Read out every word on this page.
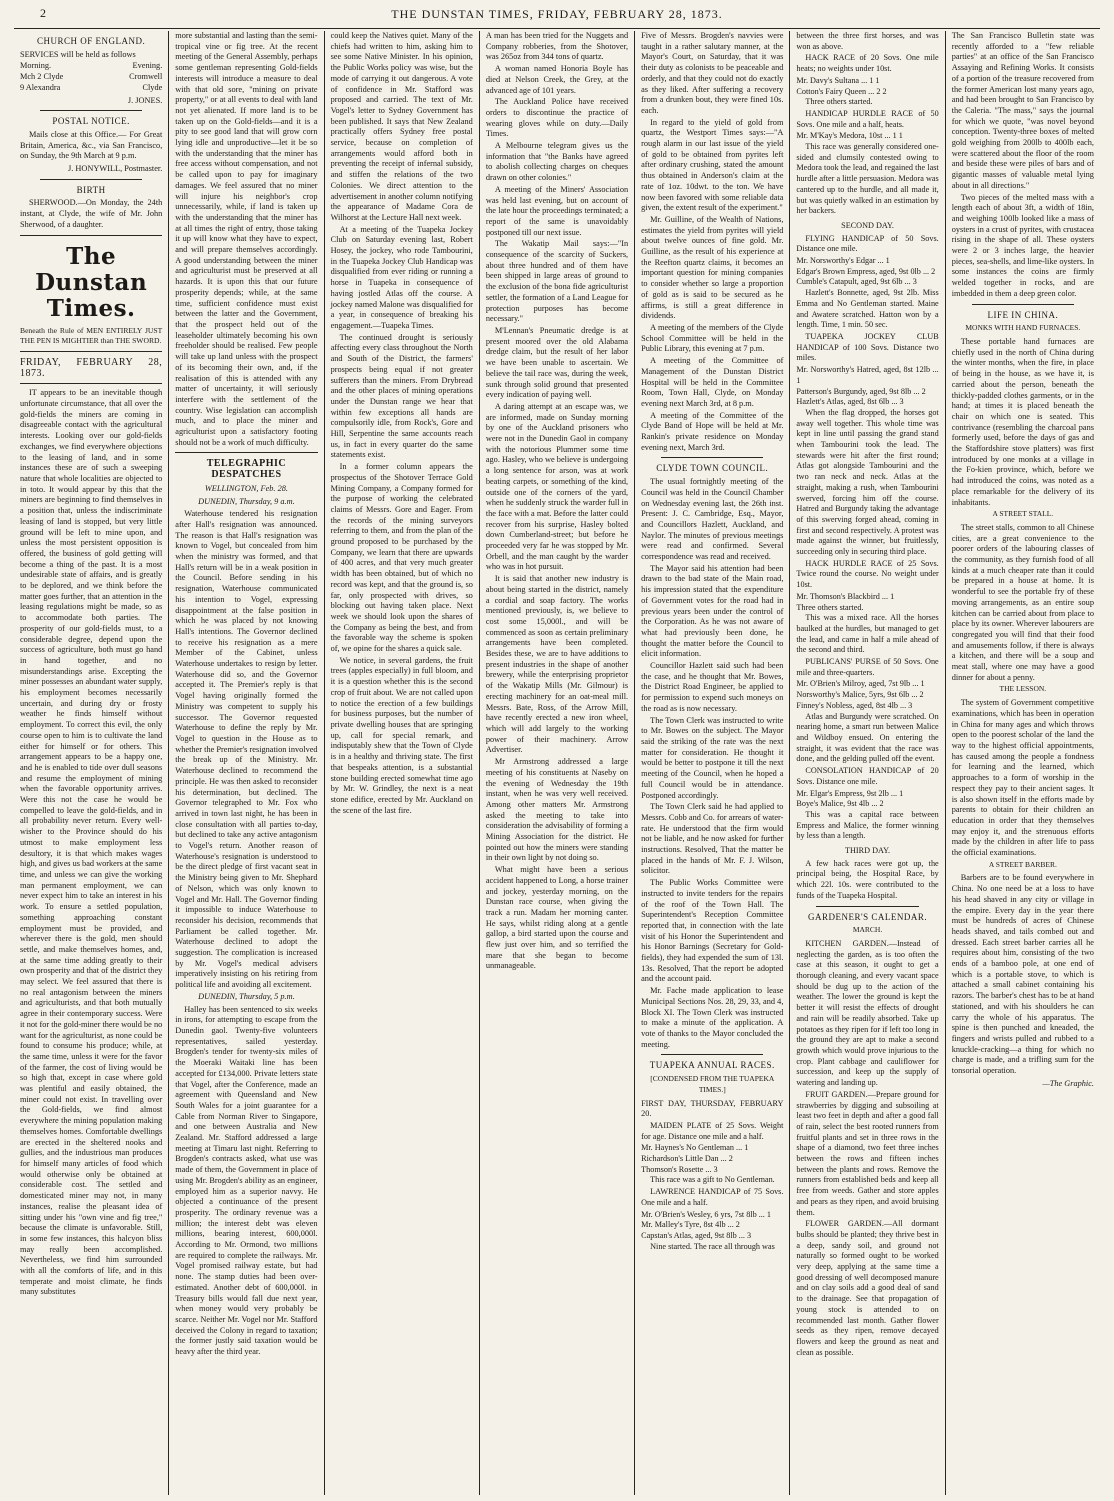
2	THE DUNSTAN TIMES, FRIDAY, FEBRUARY 28, 1873.
CHURCH OF ENGLAND.

SERVICES will be held as follows

Morning.	Evening.
Mch 2 Clyde	Cromwell
9 Alexandra	Clyde
J. JONES.
POSTAL NOTICE.

Mails close at this Office.— For Great Britain, America, &c., via San Francisco, on Sunday, the 9th March at 9 p.m.

J. HONYWILL, Postmaster.
BIRTH

SHERWOOD.—On Monday, the 24th instant, at Clyde, the wife of Mr. John Sherwood, of a daughter.

The Dunstan Times.
Beneath the Rule of MEN ENTIRELY JUST THE PEN IS MIGHTIER than THE SWORD.
FRIDAY, FEBRUARY 28, 1873.

IT appears to be an inevitable though unfortunate circumstance, that all over the gold-fields the miners are coming in disagreeable contact with the agricultural interests. Looking over our gold-fields exchanges, we find everywhere objections to the leasing of land, and in some instances these are of such a sweeping nature that whole localities are objected to in toto. It would appear by this that the miners are beginning to find themselves in a position that, unless the indiscriminate leasing of land is stopped, but very little ground will be left to mine upon, and unless the most persistent opposition is offered, the business of gold getting will become a thing of the past. It is a most undesirable state of affairs, and is greatly to be deplored, and we think before the matter goes further, that an attention in the leasing regulations might be made, so as to accommodate both parties. The prosperity of our gold-fields must, to a considerable degree, depend upon the success of agriculture, both must go hand in hand together, and no misunderstandings arise. Excepting the miner possesses an abundant water supply, his employment becomes necessarily uncertain, and during dry or frosty weather he finds himself without employment. To correct this evil, the only course open to him is to cultivate the land either for himself or for others. This arrangement appears to be a happy one, and he is enabled to tide over dull seasons and resume the employment of mining when the favorable opportunity arrives. Were this not the case he would be compelled to leave the gold-fields, and in all probability never return. Every well-wisher to the Province should do his utmost to make employment less desultory, it is that which makes wages high, and gives us bad workers at the same time, and unless we can give the working man permanent employment, we can never expect him to take an interest in his work. To ensure a settled population, something approaching constant employment must be provided, and wherever there is the gold, men should settle, and make themselves homes, and, at the same time adding greatly to their own prosperity and that of the district they may select. We feel assured that there is no real antagonism between the miners and agriculturists, and that both mutually agree in their contemporary success. Were it not for the gold-miner there would be no want for the agriculturist, as none could be found to consume his produce; while, at the same time, unless it were for the favor of the farmer, the cost of living would be so high that, except in case where gold was plentiful and easily obtained, the miner could not exist. In travelling over the Gold-fields, we find almost everywhere the mining population making themselves homes. Comfortable dwellings are erected in the sheltered nooks and gullies, and the industrious man produces for himself many articles of food which would otherwise only be obtained at considerable cost. The settled and domesticated miner may not, in many instances, realise the pleasant idea of sitting under his "own vine and fig tree," because the climate is unfavorable. Still, in some few instances, this halcyon bliss may really been accomplished. Nevertheless, we find him surrounded with all the comforts of life, and in this temperate and moist climate, he finds many substitutes

more substantial and lasting than the semi-tropical vine or fig tree. At the recent meeting of the General Assembly, perhaps some gentleman representing Gold-fields interests will introduce a measure to deal with that old sore, "mining on private property," or at all events to deal with land not yet alienated. If more land is to be taken up on the Gold-fields—and it is a pity to see good land that will grow corn lying idle and unproductive—let it be so with the understanding that the miner has free access without compensation, and not be called upon to pay for imaginary damages. We feel assured that no miner will injure his neighbor's crop unnecessarily, while, if land is taken up with the understanding that the miner has at all times the right of entry, those taking it up will know what they have to expect, and will prepare themselves accordingly. A good understanding between the miner and agriculturist must be preserved at all hazards. It is upon this that our future prosperity depends; while, at the same time, sufficient confidence must exist between the latter and the Government, that the prospect held out of the leaseholder ultimately becoming his own freeholder should be realised. Few people will take up land unless with the prospect of its becoming their own, and, if the realisation of this is attended with any matter of uncertainty, it will seriously interfere with the settlement of the country. Wise legislation can accomplish much, and to place the miner and agriculturist upon a satisfactory footing should not be a work of much difficulty.

TELEGRAPHIC DESPATCHES
WELLINGTON, Feb. 28.
DUNEDIN, Thursday, 9 a.m.

Waterhouse tendered his resignation after Hall's resignation was announced. The reason is that Hall's resignation was known to Vogel, but concealed from him when the ministry was formed, and that Hall's return will be in a weak position in the Council. Before sending in his resignation, Waterhouse communicated his intention to Vogel, expressing disappointment at the false position in which he was placed by not knowing Hall's intentions. The Governor declined to receive his resignation as a mere Member of the Cabinet, unless Waterhouse undertakes to resign by letter. Waterhouse did so, and the Governor accepted it. The Premier's reply is that Vogel having originally formed the Ministry was competent to supply his successor. The Governor requested Waterhouse to define the reply by Mr. Vogel to question in the House as to whether the Premier's resignation involved the break up of the Ministry. Mr. Waterhouse declined to recommend the principle. He was then asked to reconsider his determination, but declined. The Governor telegraphed to Mr. Fox who arrived in town last night, he has been in close consultation with all parties to-day, but declined to take any active antagonism to Vogel's return. Another reason of Waterhouse's resignation is understood to be the direct pledge of first vacant seat in the Ministry being given to Mr. Shephard of Nelson, which was only known to Vogel and Mr. Hall. The Governor finding it impossible to induce Waterhouse to reconsider his decision, recommends that Parliament be called together. Mr. Waterhouse declined to adopt the suggestion. The complication is increased by Mr. Vogel's medical advisers imperatively insisting on his retiring from political life and avoiding all excitement.

DUNEDIN, Thursday, 5 p.m.

Halley has been sentenced to six weeks in irons, for attempting to escape from the Dunedin gaol. Twenty-five volunteers representatives, sailed yesterday. Brogden's tender for twenty-six miles of the Moeraki Waitaki line has been accepted for £134,000. Private letters state that Vogel, after the Conference, made an agreement with Queensland and New South Wales for a joint guarantee for a Cable from Norman River to Singapore, and one between Australia and New Zealand. Mr. Stafford addressed a large meeting at Timaru last night. Referring to Brogden's contracts asked, what use was made of them, the Government in place of using Mr. Brogden's ability as an engineer, employed him as a superior navvy. He objected a continuance of the present prosperity. The ordinary revenue was a million; the interest debt was eleven millions, bearing interest, 600,000l. According to Mr. Ormond, two millions are required to complete the railways. Mr. Vogel promised railway estate, but had none. The stamp duties had been over-estimated. Another debt of 600,000l. in Treasury bills would fall due next year, when money would very probably be scarce. Neither Mr. Vogel nor Mr. Stafford deceived the Colony in regard to taxation; the former justly said taxation would be heavy after the third year.

could keep the Natives quiet. Many of the chiefs had written to him, asking him to see some Native Minister. In his opinion, the Public Works policy was wise, but the mode of carrying it out dangerous. A vote of confidence in Mr. Stafford was proposed and carried. The text of Mr. Vogel's letter to Sydney Government has been published. It says that New Zealand practically offers Sydney free postal service, because on completion of arrangements would afford both in preventing the receipt of infernal subsidy, and stiffen the relations of the two Colonies. We direct attention to the advertisement in another column notifying the appearance of Madame Cora de Wilhorst at the Lecture Hall next week.

At a meeting of the Tuapeka Jockey Club on Saturday evening last, Robert Hosey, the jockey, who rode Tambourini, in the Tuapeka Jockey Club Handicap was disqualified from ever riding or running a horse in Tuapeka in consequence of having jostled Atlas off the course. A jockey named Malone was disqualified for a year, in consequence of breaking his engagement.—Tuapeka Times.

The continued drought is seriously affecting every class throughout the North and South of the District, the farmers' prospects being equal if not greater sufferers than the miners. From Drybread and the other places of mining operations under the Dunstan range we hear that within few exceptions all hands are compulsorily idle, from Rock's, Gore and Hill, Serpentine the same accounts reach us, in fact in every quarter do the same statements exist.

In a former column appears the prospectus of the Shotover Terrace Gold Mining Company, a Company formed for the purpose of working the celebrated claims of Messrs. Gore and Eager. From the records of the mining surveyors referring to them, and from the plan of the ground proposed to be purchased by the Company, we learn that there are upwards of 400 acres, and that very much greater width has been obtained, but of which no record was kept, and that the ground is, so far, only prospected with drives, so blocking out having taken place. Next week we should look upon the shares of the Company as being the best, and from the favorable way the scheme is spoken of, we opine for the shares a quick sale.

We notice, in several gardens, the fruit trees (apples especially) in full bloom, and it is a question whether this is the second crop of fruit about. We are not called upon to notice the erection of a few buildings for business purposes, but the number of private dwelling houses that are springing up, call for special remark, and indisputably shew that the Town of Clyde is in a healthy and thriving state. The first that bespeaks attention, is a substantial stone building erected somewhat time ago by Mr. W. Grindley, the next is a neat stone edifice, erected by Mr. Auckland on the scene of the last fire.

A man has been tried for the Nuggets and Company robberies, from the Shotover, was 265oz from 344 tons of quartz.

A woman named Honoria Boyle has died at Nelson Creek, the Grey, at the advanced age of 101 years.

The Auckland Police have received orders to discontinue the practice of wearing gloves while on duty.—Daily Times.

A Melbourne telegram gives us the information that "the Banks have agreed to abolish collecting charges on cheques drawn on other colonies."

A meeting of the Miners' Association was held last evening, but on account of the late hour the proceedings terminated; a report of the same is unavoidably postponed till our next issue.

The Wakatip Mail says:—"In consequence of the scarcity of Suckers, about three hundred and of them have been shipped in large areas of ground to the exclusion of the bona fide agriculturist settler, the formation of a Land League for protection purposes has become necessary."

M'Lennan's Pneumatic dredge is at present moored over the old Alabama dredge claim, but the result of her labor we have been unable to ascertain. We believe the tail race was, during the week, sunk through solid ground that presented every indication of paying well.

A daring attempt at an escape was, we are informed, made on Sunday morning by one of the Auckland prisoners who were not in the Dunedin Gaol in company with the notorious Plummer some time ago. Hasley, who we believe is undergoing a long sentence for arson, was at work beating carpets, or something of the kind, outside one of the corners of the yard, when he suddenly struck the warder full in the face with a mat. Before the latter could recover from his surprise, Hasley bolted down Cumberland-street; but before he proceeded very far he was stopped by Mr. Orbell, and the man caught by the warder who was in hot pursuit.

It is said that another new industry is about being started in the district, namely a cordial and soap factory. The works mentioned previously, is, we believe to cost some 15,000l., and will be commenced as soon as certain preliminary arrangements have been completed. Besides these, we are to have additions to present industries in the shape of another brewery, while the enterprising proprietor of the Wakatip Mills (Mr. Gilmour) is erecting machinery for an oat-meal mill. Messrs. Bate, Ross, of the Arrow Mill, have recently erected a new iron wheel, which will add largely to the working power of their machinery. Arrow Advertiser.

Mr Armstrong addressed a large meeting of his constituents at Naseby on the evening of Wednesday the 19th instant, when he was very well received. Among other matters Mr. Armstrong asked the meeting to take into consideration the advisability of forming a Mining Association for the district. He pointed out how the miners were standing in their own light by not doing so.

What might have been a serious accident happened to Long, a horse trainer and jockey, yesterday morning, on the Dunstan race course, when giving the track a run. Madam her morning canter. He says, whilst riding along at a gentle gallop, a bird started upon the course and flew just over him, and so terrified the mare that she began to become unmanageable.

Five of Messrs. Brogden's navvies were taught in a rather salutary manner, at the Mayor's Court, on Saturday, that it was their duty as colonists to be peaceable and orderly, and that they could not do exactly as they liked. After suffering a recovery from a drunken bout, they were fined 10s. each.

In regard to the yield of gold from quartz, the Westport Times says:—"A rough alarm in our last issue of the yield of gold to be obtained from pyrites left after ordinary crushing, stated the amount thus obtained in Anderson's claim at the rate of 1oz. 10dwt. to the ton. We have now been favored with some reliable data given, the extent result of the experiment."

Mr. Guilline, of the Wealth of Nations, estimates the yield from pyrites will yield about twelve ounces of fine gold. Mr. Guilline, as the result of his experience at the Reefton quartz claims, it becomes an important question for mining companies to consider whether so large a proportion of gold as is said to be secured as he affirms, is still a great difference in dividends.

A meeting of the members of the Clyde School Committee will be held in the Public Library, this evening at 7 p.m.

A meeting of the Committee of Management of the Dunstan District Hospital will be held in the Committee Room, Town Hall, Clyde, on Monday evening next March 3rd, at 8 p.m.

A meeting of the Committee of the Clyde Band of Hope will be held at Mr. Rankin's private residence on Monday evening next, March 3rd.

CLYDE TOWN COUNCIL.

The usual fortnightly meeting of the Council was held in the Council Chamber on Wednesday evening last, the 26th inst. Present: J. C. Cambridge, Esq., Mayor, and Councillors Hazlett, Auckland, and Naylor. The minutes of previous meetings were read and confirmed. Several correspondence was read and received.

The Mayor said his attention had been drawn to the bad state of the Main road, his impression stated that the expenditure of Government votes for the road had in previous years been under the control of the Corporation. As he was not aware of what had previously been done, he thought the matter before the Council to elicit information.

Councillor Hazlett said such had been the case, and he thought that Mr. Bowes, the District Road Engineer, be applied to for permission to expend such moneys on the road as is now necessary.

The Town Clerk was instructed to write to Mr. Bowes on the subject. The Mayor said the striking of the rate was the next matter for consideration. He thought it would be better to postpone it till the next meeting of the Council, when he hoped a full Council would be in attendance. Postponed accordingly.

The Town Clerk said he had applied to Messrs. Cobb and Co. for arrears of water-rate. He understood that the firm would not be liable, and he now asked for further instructions. Resolved, That the matter be placed in the hands of Mr. F. J. Wilson, solicitor.

The Public Works Committee were instructed to invite tenders for the repairs of the roof of the Town Hall. The Superintendent's Reception Committee reported that, in connection with the late visit of his Honor the Superintendent and his Honor Barnings (Secretary for Gold-fields), they had expended the sum of 13l. 13s. Resolved, That the report be adopted and the account paid.

Mr. Fache made application to lease Municipal Sections Nos. 28, 29, 33, and 4, Block XI. The Town Clerk was instructed to make a minute of the application. A vote of thanks to the Mayor concluded the meeting.

TUAPEKA ANNUAL RACES.
[CONDENSED FROM THE TUAPEKA TIMES.]

FIRST DAY, THURSDAY, FEBRUARY 20.

MAIDEN PLATE of 25 Sovs. Weight for age. Distance one mile and a half.

Mr. Haynes's No Gentleman ... 1
Richardson's Little Dan ... 2
Thomson's Rosette ... 3

This race was a gift to No Gentleman.

LAWRENCE HANDICAP of 75 Sovs. One mile and a half.

Mr. O'Brien's Wesley, 6 yrs, 7st 8lb ... 1
Mr. Malley's Tyre, 8st 4lb ... 2
Capstan's Atlas, aged, 9st 8lb ... 3

Nine started. The race all through was

between the three first horses, and was won as above.

HACK RACE of 20 Sovs. One mile heats; no weights under 10st.

Mr. Davy's Sultana ... 1 1
Cotton's Fairy Queen ... 2 2

Three others started.

HANDICAP HURDLE RACE of 50 Sovs. One mile and a half, heats.

Mr. M'Kay's Medora, 10st ... 1 1

This race was generally considered one-sided and clumsily contested owing to Medora took the lead, and regained the last hurdle after a little persuasion. Medora was cantered up to the hurdle, and all made it, but was quietly walked in an estimation by her backers.

SECOND DAY.

FLYING HANDICAP of 50 Sovs. Distance one mile.

Mr. Norsworthy's Edgar ... 1
Edgar's Brown Empress, aged, 9st 0lb ... 2
Cumble's Catapult, aged, 9st 6lb ... 3

Hazlett's Bonnette, aged, 9st 2lb. Miss Emma and No Gentleman started. Maine and Awatere scratched. Hatton won by a length. Time, 1 min. 50 sec.

TUAPEKA JOCKEY CLUB HANDICAP of 100 Sovs. Distance two miles.

Mr. Norsworthy's Hatred, aged, 8st 12lb ... 1
Patterson's Burgundy, aged, 9st 8lb ... 2
Hazlett's Atlas, aged, 8st 6lb ... 3

When the flag dropped, the horses got away well together. This whole time was kept in line until passing the grand stand when Tambourini took the lead. The stewards were hit after the first round; Atlas got alongside Tambourini and the two ran neck and neck. Atlas at the straight, making a rush, when Tambourini swerved, forcing him off the course. Hatred and Burgundy taking the advantage of this swerving forged ahead, coming in first and second respectively. A protest was made against the winner, but fruitlessly, succeeding only in securing third place.

HACK HURDLE RACE of 25 Sovs. Twice round the course. No weight under 10st.

Mr. Thomson's Blackbird ... 1
Three others started.

This was a mixed race. All the horses baulked at the hurdles, but managed to get the lead, and came in half a mile ahead of the second and third.

PUBLICANS' PURSE of 50 Sovs. One mile and three-quarters.

Mr. O'Brien's Milroy, aged, 7st 9lb ... 1
Norsworthy's Malice, 5yrs, 9st 6lb ... 2
Finney's Nobless, aged, 8st 4lb ... 3

Atlas and Burgundy were scratched. On nearing home, a smart run between Malice and Wildboy ensued. On entering the straight, it was evident that the race was done, and the gelding pulled off the event.

CONSOLATION HANDICAP of 20 Sovs. Distance one mile.

Mr. Elgar's Empress, 9st 2lb ... 1
Boye's Malice, 9st 4lb ... 2

This was a capital race between Empress and Malice, the former winning by less than a length.

THIRD DAY.

A few hack races were got up, the principal being, the Hospital Race, by which 22l. 10s. were contributed to the funds of the Tuapeka Hospital.

GARDENER'S CALENDAR.
MARCH.

KITCHEN GARDEN.—Instead of neglecting the garden, as is too often the case at this season, it ought to get a thorough cleaning, and every vacant space should be dug up to the action of the weather. The lower the ground is kept the better it will resist the effects of drought and rain will be readily absorbed. Take up potatoes as they ripen for if left too long in the ground they are apt to make a second growth which would prove injurious to the crop. Plant cabbage and cauliflower for succession, and keep up the supply of watering and landing up.

FRUIT GARDEN.—Prepare ground for strawberries by digging and subsoiling at least two feet in depth and after a good fall of rain, select the best rooted runners from fruitful plants and set in three rows in the shape of a diamond, two feet three inches between the rows and fifteen inches between the plants and rows. Remove the runners from established beds and keep all free from weeds. Gather and store apples and pears as they ripen, and avoid bruising them.

FLOWER GARDEN.—All dormant bulbs should be planted; they thrive best in a deep, sandy soil, and ground not naturally so formed ought to be worked very deep, applying at the same time a good dressing of well decomposed manure and on clay soils add a good deal of sand to the drainage. See that propagation of young stock is attended to on recommended last month. Gather flower seeds as they ripen, remove decayed flowers and keep the ground as neat and clean as possible.

The San Francisco Bulletin state was recently afforded to a "few reliable parties" at an office of the San Francisco Assaying and Refining Works. It consists of a portion of the treasure recovered from the former American lost many years ago, and had been brought to San Francisco by the Caleria. "The mass," says the journal for which we quote, "was novel beyond conception. Twenty-three boxes of melted gold weighing from 200lb to 400lb each, were scattered about the floor of the room and beside these were piles of bars and of gigantic masses of valuable metal lying about in all directions."

Two pieces of the melted mass with a length each of about 3ft, a width of 18in, and weighing 100lb looked like a mass of oysters in a crust of pyrites, with crustacea rising in the shape of all. These oysters were 2 or 3 inches large, the heavier pieces, sea-shells, and lime-like oysters. In some instances the coins are firmly welded together in rocks, and are imbedded in them a deep green color.

LIFE IN CHINA.
MONKS WITH HAND FURNACES.

These portable hand furnaces are chiefly used in the north of China during the winter months, when the fire, in place of being in the house, as we have it, is carried about the person, beneath the thickly-padded clothes garments, or in the hand; at times it is placed beneath the chair on which one is seated. This contrivance (resembling the charcoal pans formerly used, before the days of gas and the Staffordshire stove platters) was first introduced by one monks at a village in the Fo-kien province, which, before we had introduced the coins, was noted as a place remarkable for the delivery of its inhabitants.

A STREET STALL.

The street stalls, common to all Chinese cities, are a great convenience to the poorer orders of the labouring classes of the community, as they furnish food of all kinds at a much cheaper rate than it could be prepared in a house at home. It is wonderful to see the portable fry of these moving arrangements, as an entire soup kitchen can be carried about from place to place by its owner. Wherever labourers are congregated you will find that their food and amusements follow, if there is always a kitchen, and there will be a soup and meat stall, where one may have a good dinner for about a penny.

THE LESSON.

The system of Government competitive examinations, which has been in operation in China for many ages and which throws open to the poorest scholar of the land the way to the highest official appointments, has caused among the people a fondness for learning and the learned, which approaches to a form of worship in the respect they pay to their ancient sages. It is also shown itself in the efforts made by parents to obtain for their children an education in order that they themselves may enjoy it, and the strenuous efforts made by the children in after life to pass the official examinations.

A STREET BARBER.

Barbers are to be found everywhere in China. No one need be at a loss to have his head shaved in any city or village in the empire. Every day in the year there must be hundreds of acres of Chinese heads shaved, and tails combed out and dressed. Each street barber carries all he requires about him, consisting of the two ends of a bamboo pole, at one end of which is a portable stove, to which is attached a small cabinet containing his razors. The barber's chest has to be at hand stationed, and with his shoulders he can carry the whole of his apparatus. The spine is then punched and kneaded, the fingers and wrists pulled and rubbed to a knuckle-cracking—a thing for which no charge is made, and a trifling sum for the tonsorial operation.

—The Graphic.
